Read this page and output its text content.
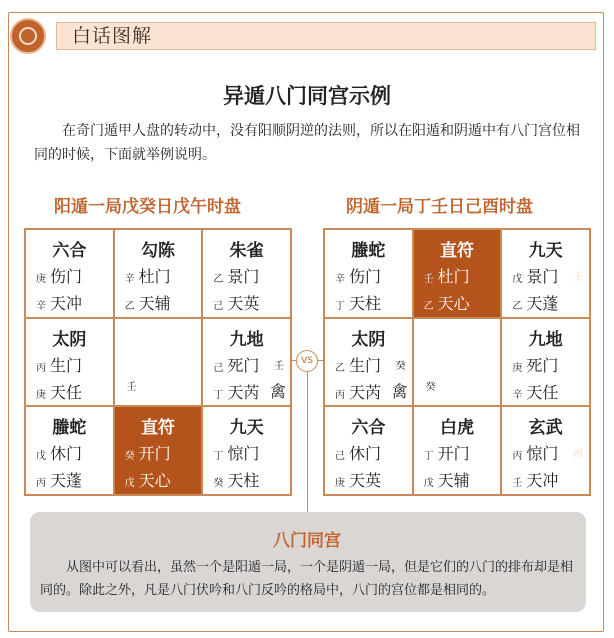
白话图解
异遁八门同宫示例
在奇门遁甲人盘的转动中，没有阳顺阴逆的法则，所以在阳遁和阴遁中有八门宫位相同的时候，下面就举例说明。
阳遁一局戊癸日戊午时盘	阴遁一局丁壬日己酉时盘
六合
庚 伤门
辛 天冲
勾陈
辛 杜门
乙 天辅
朱雀
乙 景门
己 天英
太阴
丙 生门
庚 天任	壬
九地
己 死门
丁 天芮
壬
禽
螣蛇
戊 休门
丙 天蓬
直符
癸 开门
戊 天心
九天
丁 惊门
癸 天柱
螣蛇
辛 伤门
丁 天柱
直符
壬 杜门
乙 天心
九天
戊 景门
乙 天蓬
壬
太阴
乙 生门
丙 天芮
癸
禽 癸
九地
庚 死门
辛 天任
六合
己 休门
庚 天英
白虎
丁 开门
戊 天辅
玄武
丙 惊门
壬 天冲
丙
VS
八门同宫
从图中可以看出，虽然一个是阳遁一局，一个是阴遁一局，但是它们的八门的排布却是相同的。除此之外，凡是八门伏吟和八门反吟的格局中，八门的宫位都是相同的。
